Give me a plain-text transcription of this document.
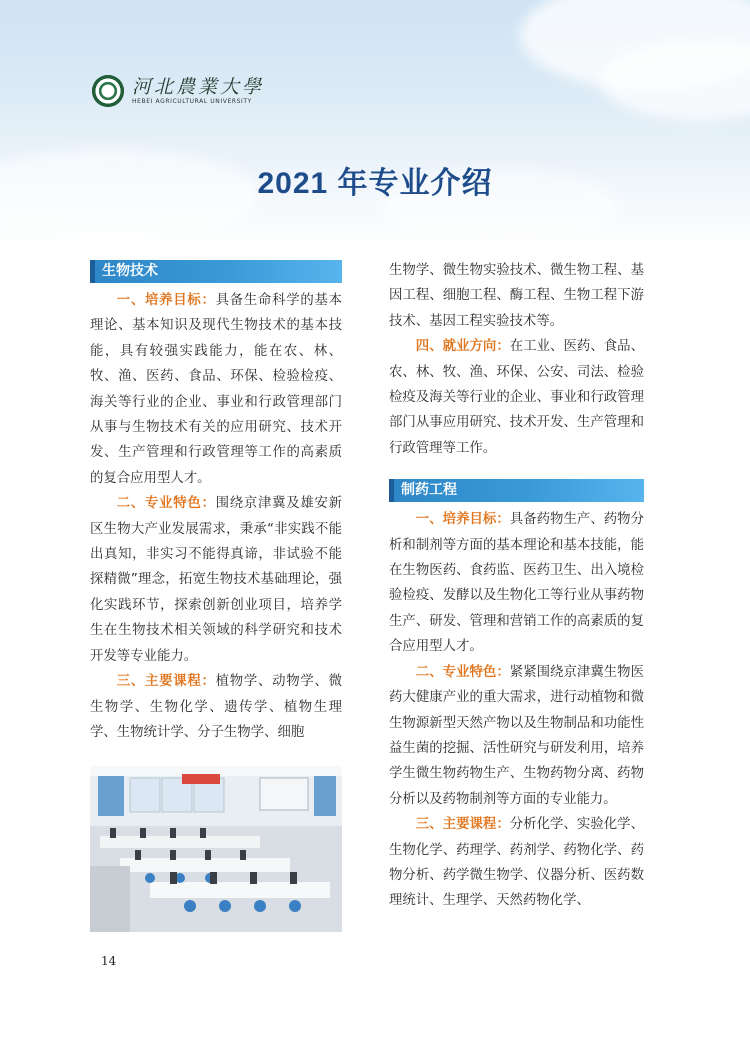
河北農業大學
HEBEI AGRICULTURAL UNIVERSITY
2021 年专业介绍
生物技术

一、培养目标：具备生命科学的基本理论、基本知识及现代生物技术的基本技能，具有较强实践能力，能在农、林、牧、渔、医药、食品、环保、检验检疫、海关等行业的企业、事业和行政管理部门从事与生物技术有关的应用研究、技术开发、生产管理和行政管理等工作的高素质的复合应用型人才。

二、专业特色：围绕京津冀及雄安新区生物大产业发展需求，秉承“非实践不能出真知，非实习不能得真谛，非试验不能探精微”理念，拓宽生物技术基础理论，强化实践环节，探索创新创业项目，培养学生在生物技术相关领域的科学研究和技术开发等专业能力。

三、主要课程：植物学、动物学、微生物学、生物化学、遗传学、植物生理学、生物统计学、分子生物学、细胞

生物学、微生物实验技术、微生物工程、基因工程、细胞工程、酶工程、生物工程下游技术、基因工程实验技术等。

四、就业方向：在工业、医药、食品、农、林、牧、渔、环保、公安、司法、检验检疫及海关等行业的企业、事业和行政管理部门从事应用研究、技术开发、生产管理和行政管理等工作。

制药工程

一、培养目标：具备药物生产、药物分析和制剂等方面的基本理论和基本技能，能在生物医药、食药监、医药卫生、出入境检验检疫、发酵以及生物化工等行业从事药物生产、研发、管理和营销工作的高素质的复合应用型人才。

二、专业特色：紧紧围绕京津冀生物医药大健康产业的重大需求，进行动植物和微生物源新型天然产物以及生物制品和功能性益生菌的挖掘、活性研究与研发利用，培养学生微生物药物生产、生物药物分离、药物分析以及药物制剂等方面的专业能力。

三、主要课程：分析化学、实验化学、生物化学、药理学、药剂学、药物化学、药物分析、药学微生物学、仪器分析、医药数理统计、生理学、天然药物化学、

14
